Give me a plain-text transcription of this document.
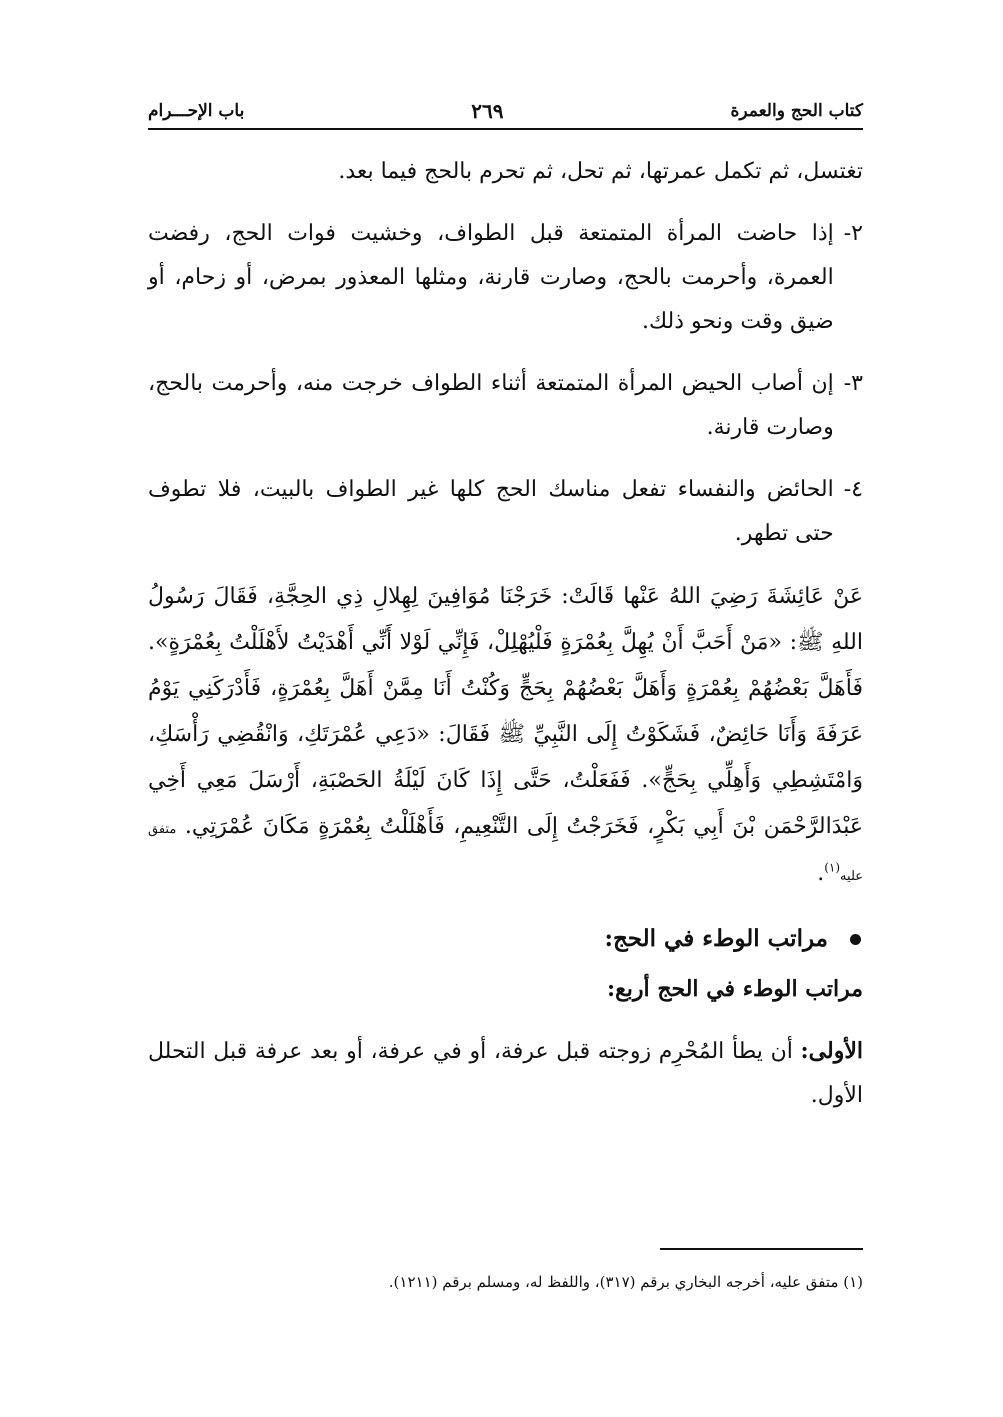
كتاب الحج والعمرة
٢٦٩
باب الإحـــرام

تغتسل، ثم تكمل عمرتها، ثم تحل، ثم تحرم بالحج فيما بعد.

٢-

إذا حاضت المرأة المتمتعة قبل الطواف، وخشيت فوات الحج، رفضت العمرة، وأحرمت بالحج، وصارت قارنة، ومثلها المعذور بمرض، أو زحام، أو ضيق وقت ونحو ذلك.

٣-

إن أصاب الحيض المرأة المتمتعة أثناء الطواف خرجت منه، وأحرمت بالحج، وصارت قارنة.

٤-

الحائض والنفساء تفعل مناسك الحج كلها غير الطواف بالبيت، فلا تطوف حتى تطهر.

عَنْ عَائِشَةَ رَضِيَ اللهُ عَنْها قَالَتْ: خَرَجْنَا مُوَافِينَ لِهِلالِ ذِي الحِجَّةِ، فَقَالَ رَسُولُ اللهِ ﷺ: «مَنْ أَحَبَّ أَنْ يُهِلَّ بِعُمْرَةٍ فَلْيُهْلِلْ، فَإِنِّي لَوْلا أَنِّي أَهْدَيْتُ لأَهْلَلْتُ بِعُمْرَةٍ». فَأَهَلَّ بَعْضُهُمْ بِعُمْرَةٍ وَأَهَلَّ بَعْضُهُمْ بِحَجٍّ وَكُنْتُ أَنَا مِمَّنْ أَهَلَّ بِعُمْرَةٍ، فَأَدْرَكَنِي يَوْمُ عَرَفَةَ وَأَنَا حَائِضٌ، فَشَكَوْتُ إِلَى النَّبِيِّ ﷺ فَقَالَ: «دَعِي عُمْرَتَكِ، وَانْقُضِي رَأْسَكِ، وَامْتَشِطِي وَأَهِلِّي بِحَجٍّ». فَفَعَلْتُ، حَتَّى إِذَا كَانَ لَيْلَةُ الحَصْبَةِ، أَرْسَلَ مَعِي أَخِي عَبْدَالرَّحْمَن بْنَ أَبِي بَكْرٍ، فَخَرَجْتُ إِلَى التَّنْعِيمِ، فَأَهْلَلْتُ بِعُمْرَةٍ مَكَانَ عُمْرَتِي. متفق عليه$^{(١)}$.

مراتب الوطء في الحج:

مراتب الوطء في الحج أربع:

الأولى: أن يطأ المُحْرِم زوجته قبل عرفة، أو في عرفة، أو بعد عرفة قبل التحلل الأول.

(١) متفق عليه، أخرجه البخاري برقم (٣١٧)، واللفظ له، ومسلم برقم (١٢١١).
